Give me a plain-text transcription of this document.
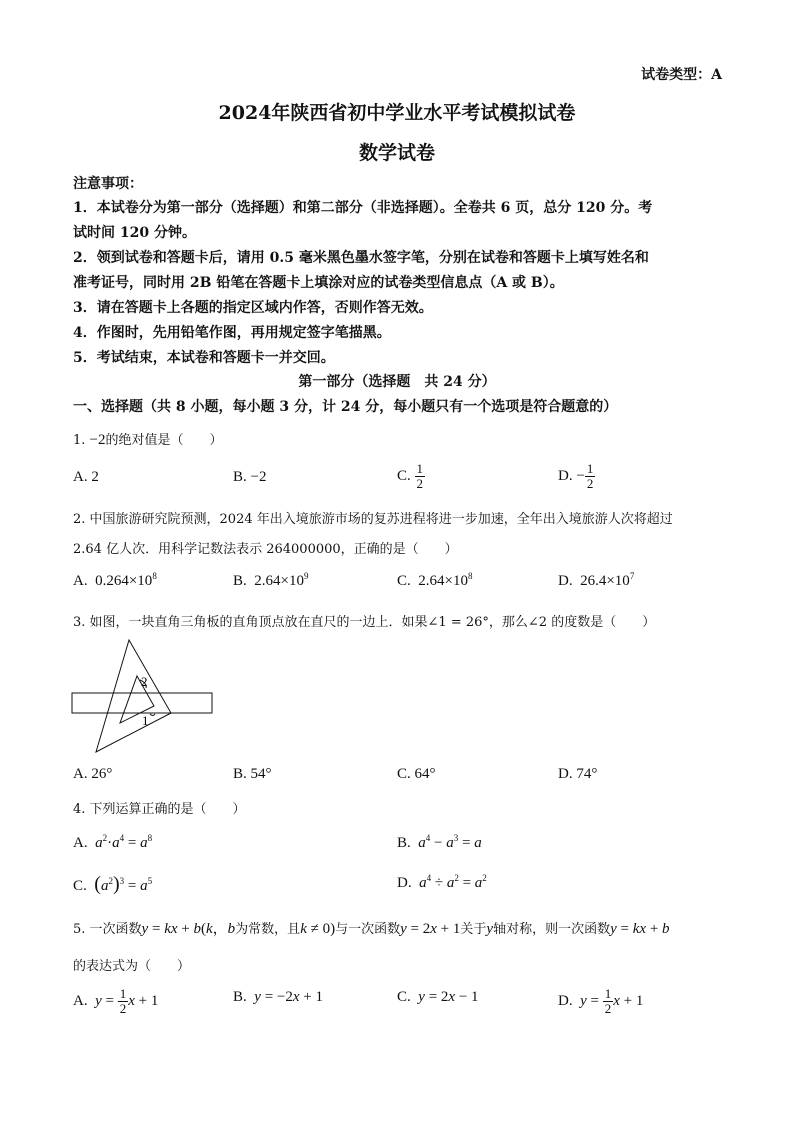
试卷类型：A
2024年陕西省初中学业水平考试模拟试卷
数学试卷
注意事项：
1．本试卷分为第一部分（选择题）和第二部分（非选择题）。全卷共 6 页，总分 120 分。考
试时间 120 分钟。
2．领到试卷和答题卡后，请用 0.5 毫米黑色墨水签字笔，分别在试卷和答题卡上填写姓名和
准考证号，同时用 2B 铅笔在答题卡上填涂对应的试卷类型信息点（A 或 B）。
3．请在答题卡上各题的指定区域内作答，否则作答无效。
4．作图时，先用铅笔作图，再用规定签字笔描黑。
5．考试结束，本试卷和答题卡一并交回。
第一部分（选择题　共 24 分）
一、选择题（共 8 小题，每小题 3 分，计 24 分，每小题只有一个选项是符合题意的）
1. −2的绝对值是（　　）
A. 2	B. −2	C. $\frac{1}{2}$	D. − $\frac{1}{2}$
2. 中国旅游研究院预测，2024 年出入境旅游市场的复苏进程将进一步加速，全年出入境旅游人次将超过
2.64 亿人次．用科学记数法表示 264000000，正确的是（　　）
A. $0.264\times 10^8$	B. $2.64\times 10^9$	C. $2.64\times 10^8$	D. $26.4\times 10^7$
3. 如图，一块直角三角板的直角顶点放在直尺的一边上．如果∠1 = 26°，那么∠2 的度数是（　　）
2
1
A. 26°	B. 54°	C. 64°	D. 74°
4. 下列运算正确的是（　　）
A. $a^2\cdot a^4 = a^8$	B. $a^4 - a^3 = a$
C. $(a^2)^3 = a^5$	D. $a^4 \div a^2 = a^2$
5. 一次函数y = kx + b(k，b为常数，且k ≠ 0)与一次函数y = 2x + 1关于y轴对称，则一次函数y = kx + b
的表达式为（　　）
A. $y = \frac{1}{2}$ x + 1	B. y = −2x + 1	C. y = 2x − 1	D. $y = \frac{1}{2}$ x + 1
